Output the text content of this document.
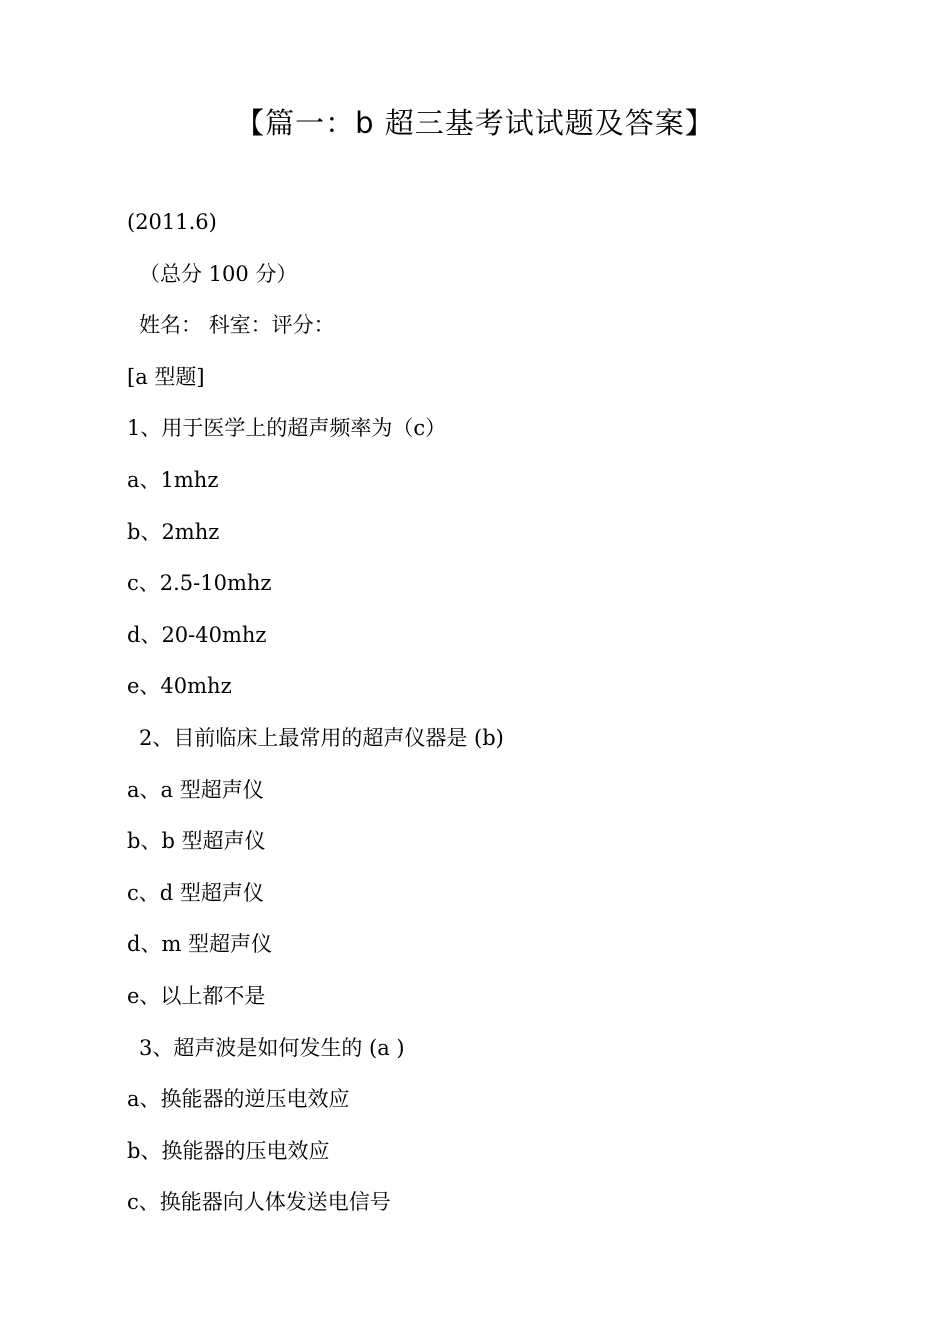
【篇一：b 超三基考试试题及答案】
(2011.6)
（总分 100 分）
姓名： 科室：评分：
[a 型题]
1、用于医学上的超声频率为（c）
a、1mhz
b、2mhz
c、2.5-10mhz
d、20-40mhz
e、40mhz
2、目前临床上最常用的超声仪器是 (b)
a、a 型超声仪
b、b 型超声仪
c、d 型超声仪
d、m 型超声仪
e、以上都不是
3、超声波是如何发生的 (a )
a、换能器的逆压电效应
b、换能器的压电效应
c、换能器向人体发送电信号
